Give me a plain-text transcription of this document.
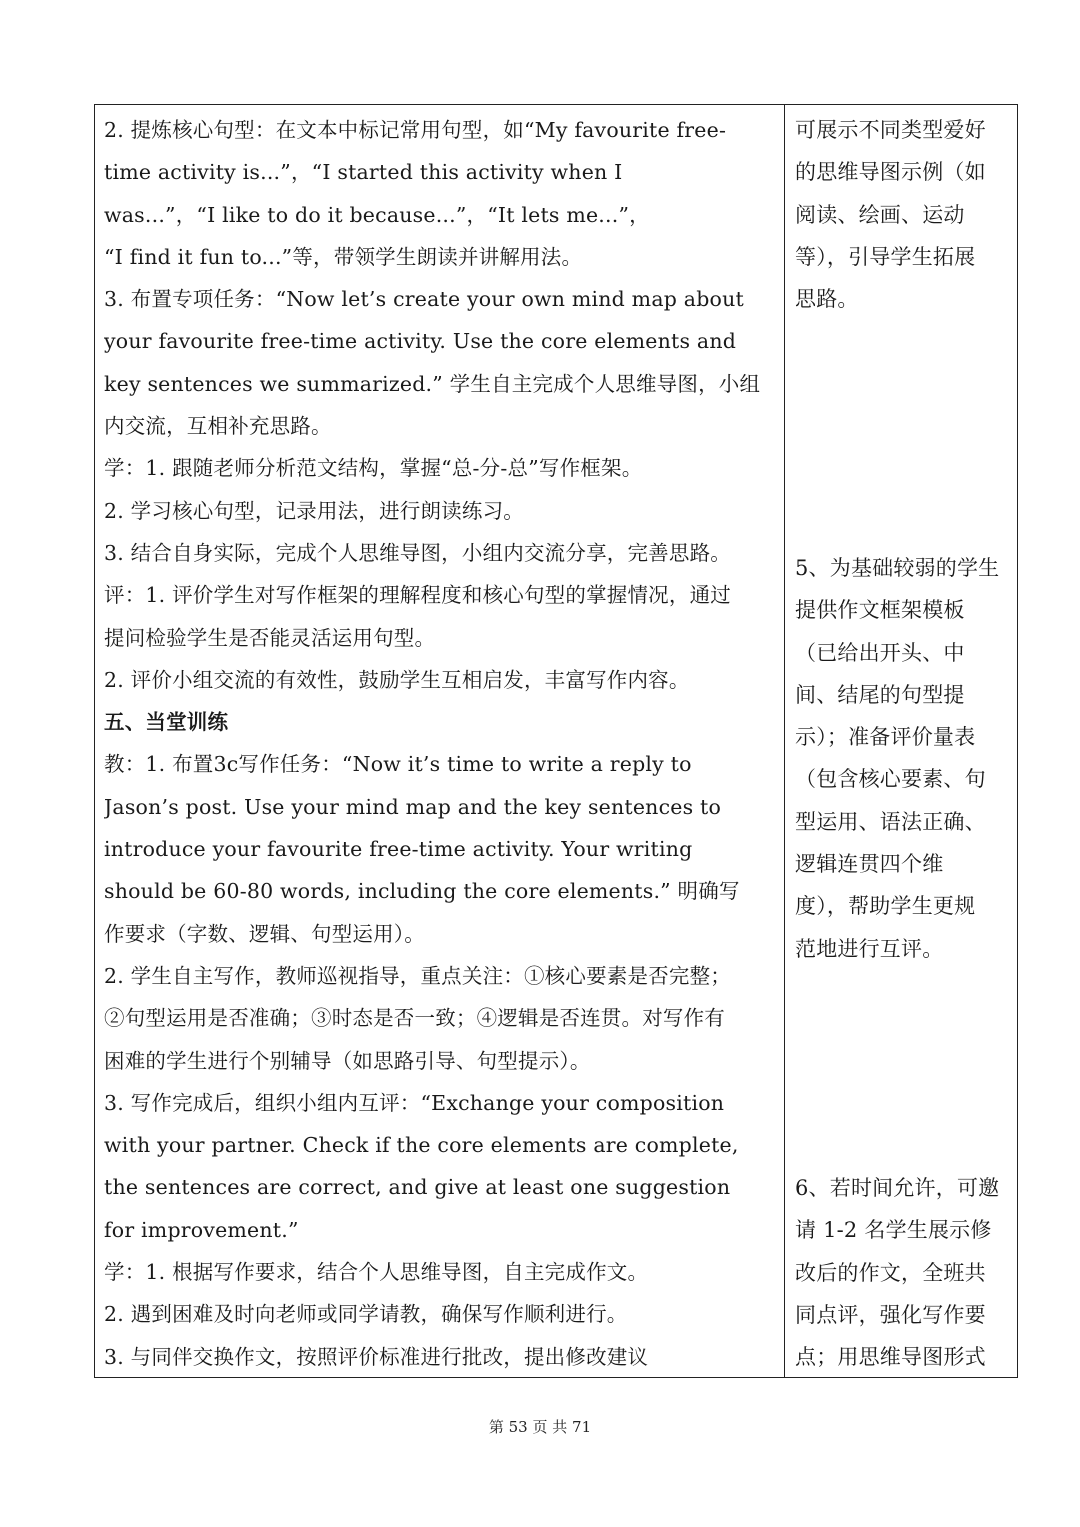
2. 提炼核心句型：在文本中标记常用句型，如“My favourite free-
time activity is...”，“I started this activity when I
was...”，“I like to do it because...”，“It lets me...”，
“I find it fun to...”等，带领学生朗读并讲解用法。
3. 布置专项任务：“Now let’s create your own mind map about
your favourite free-time activity. Use the core elements and
key sentences we summarized.” 学生自主完成个人思维导图，小组
内交流，互相补充思路。
学：1. 跟随老师分析范文结构，掌握“总-分-总”写作框架。
2. 学习核心句型，记录用法，进行朗读练习。
3. 结合自身实际，完成个人思维导图，小组内交流分享，完善思路。
评：1. 评价学生对写作框架的理解程度和核心句型的掌握情况，通过
提问检验学生是否能灵活运用句型。
2. 评价小组交流的有效性，鼓励学生互相启发，丰富写作内容。
五、当堂训练
教：1. 布置3c写作任务：“Now it’s time to write a reply to
Jason’s post. Use your mind map and the key sentences to
introduce your favourite free-time activity. Your writing
should be 60-80 words, including the core elements.” 明确写
作要求（字数、逻辑、句型运用）。
2. 学生自主写作，教师巡视指导，重点关注：①核心要素是否完整；
②句型运用是否准确；③时态是否一致；④逻辑是否连贯。对写作有
困难的学生进行个别辅导（如思路引导、句型提示）。
3. 写作完成后，组织小组内互评：“Exchange your composition
with your partner. Check if the core elements are complete,
the sentences are correct, and give at least one suggestion
for improvement.”
学：1. 根据写作要求，结合个人思维导图，自主完成作文。
2. 遇到困难及时向老师或同学请教，确保写作顺利进行。
3. 与同伴交换作文，按照评价标准进行批改，提出修改建议
可展示不同类型爱好
的思维导图示例（如
阅读、绘画、运动
等），引导学生拓展
思路。
5、为基础较弱的学生
提供作文框架模板
（已给出开头、中
间、结尾的句型提
示）；准备评价量表
（包含核心要素、句
型运用、语法正确、
逻辑连贯四个维
度），帮助学生更规
范地进行互评。
6、若时间允许，可邀
请 1-2 名学生展示修
改后的作文，全班共
同点评，强化写作要
点；用思维导图形式
第 53 页 共 71
